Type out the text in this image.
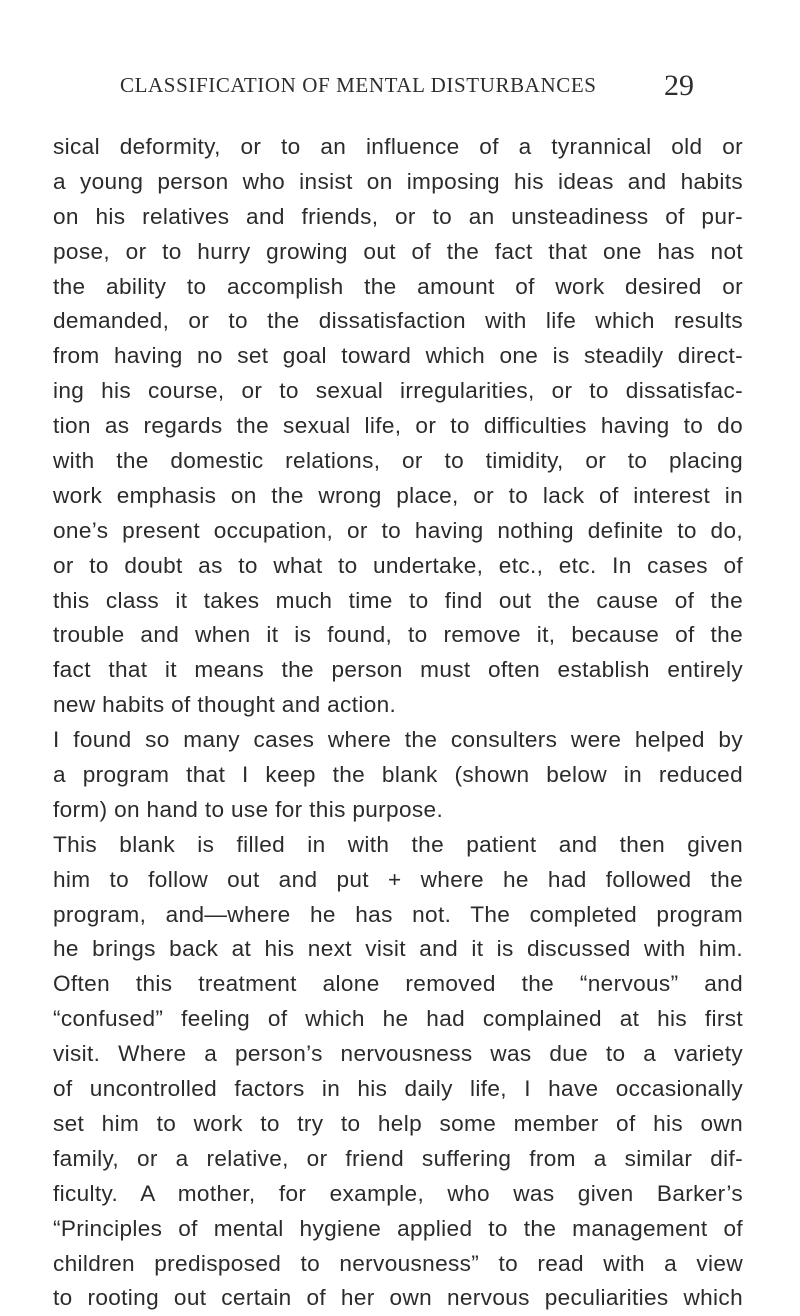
CLASSIFICATION OF MENTAL DISTURBANCES 29
sical deformity, or to an influence of a tyrannical old or
a young person who insist on imposing his ideas and habits
on his relatives and friends, or to an unsteadiness of pur-
pose, or to hurry growing out of the fact that one has not
the ability to accomplish the amount of work desired or
demanded, or to the dissatisfaction with life which results
from having no set goal toward which one is steadily direct-
ing his course, or to sexual irregularities, or to dissatisfac-
tion as regards the sexual life, or to difficulties having to do
with the domestic relations, or to timidity, or to placing
work emphasis on the wrong place, or to lack of interest in
one’s present occupation, or to having nothing definite to do,
or to doubt as to what to undertake, etc., etc. In cases of
this class it takes much time to find out the cause of the
trouble and when it is found, to remove it, because of the
fact that it means the person must often establish entirely
new habits of thought and action.
I found so many cases where the consulters were helped by
a program that I keep the blank (shown below in reduced
form) on hand to use for this purpose.
This blank is filled in with the patient and then given
him to follow out and put + where he had followed the
program, and—where he has not. The completed program
he brings back at his next visit and it is discussed with him.
Often this treatment alone removed the “nervous” and
“confused” feeling of which he had complained at his first
visit. Where a person’s nervousness was due to a variety
of uncontrolled factors in his daily life, I have occasionally
set him to work to try to help some member of his own
family, or a relative, or friend suffering from a similar dif-
ficulty. A mother, for example, who was given Barker’s
“Principles of mental hygiene applied to the management of
children predisposed to nervousness” to read with a view
to rooting out certain of her own nervous peculiarities which
